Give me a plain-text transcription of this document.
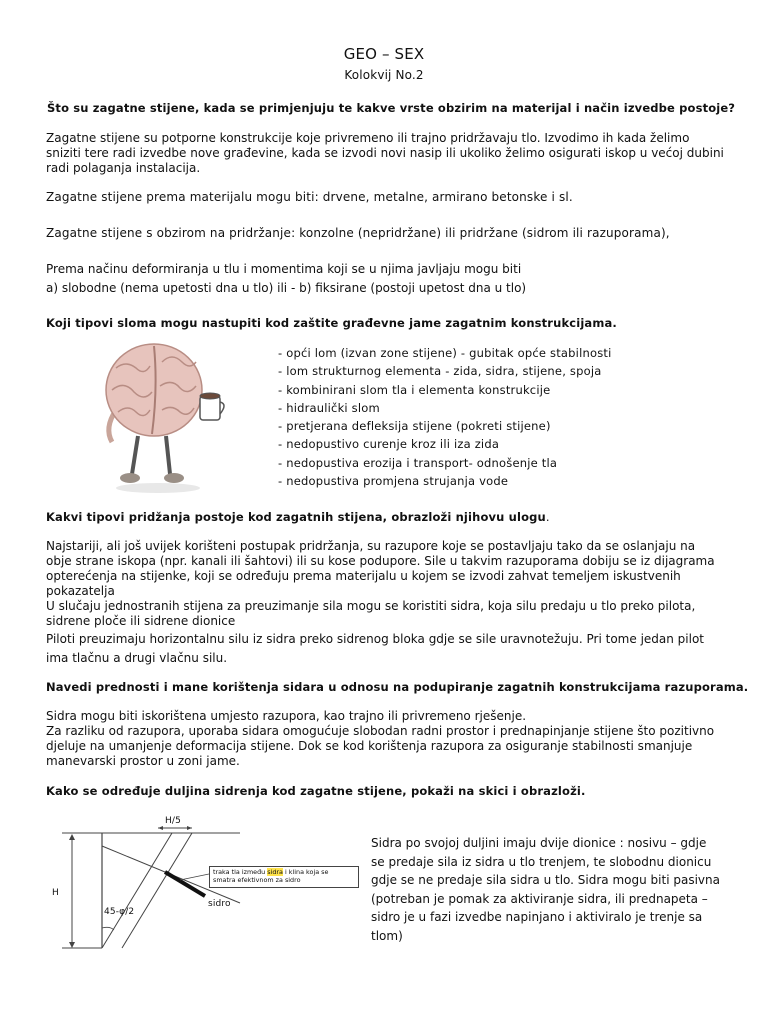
GEO – SEX
Kolokvij No.2
Što su zagatne stijene, kada se primjenjuju te kakve vrste obzirim na materijal i način izvedbe postoje?
Zagatne stijene su potporne konstrukcije koje privremeno ili trajno pridržavaju tlo. Izvodimo ih kada želimo
sniziti tere radi izvedbe nove građevine, kada se izvodi novi nasip ili ukoliko želimo osigurati iskop u većoj dubini
radi polaganja instalacija.
Zagatne stijene prema materijalu mogu biti: drvene, metalne, armirano betonske i sl.
Zagatne stijene s obzirom na pridržanje: konzolne (nepridržane) ili pridržane (sidrom ili razuporama),
Prema načinu deformiranja u tlu i momentima koji se u njima javljaju mogu biti
a) slobodne (nema upetosti dna u tlo) ili - b) fiksirane (postoji upetost dna u tlo)
Koji tipovi sloma mogu nastupiti kod zaštite građevne jame zagatnim konstrukcijama.
- opći lom (izvan zone stijene) - gubitak opće stabilnosti
- lom strukturnog elementa - zida, sidra, stijene, spoja
- kombinirani slom tla i elementa konstrukcije
- hidraulički slom
- pretjerana defleksija stijene (pokreti stijene)
- nedopustivo curenje kroz ili iza zida
- nedopustiva erozija i transport- odnošenje tla
- nedopustiva promjena strujanja vode
Kakvi tipovi pridžanja postoje kod zagatnih stijena, obrazloži njihovu ulogu.
Najstariji, ali još uvijek korišteni postupak pridržanja, su razupore koje se postavljaju tako da se oslanjaju na
obje strane iskopa (npr. kanali ili šahtovi) ili su kose podupore. Sile u takvim razuporama dobiju se iz dijagrama
opterećenja na stijenke, koji se određuju prema materijalu u kojem se izvodi zahvat temeljem iskustvenih
pokazatelja
U slučaju jednostranih stijena za preuzimanje sila mogu se koristiti sidra, koja silu predaju u tlo preko pilota,
sidrene ploče ili sidrene dionice
Piloti preuzimaju horizontalnu silu iz sidra preko sidrenog bloka gdje se sile uravnotežuju. Pri tome jedan pilot
ima tlačnu a drugi vlačnu silu.
Navedi prednosti i mane korištenja sidara u odnosu na podupiranje zagatnih konstrukcijama razuporama.
Sidra mogu biti iskorištena umjesto razupora, kao trajno ili privremeno rješenje.
Za razliku od razupora, uporaba sidara omogućuje slobodan radni prostor i prednapinjanje stijene što pozitivno
djeluje na umanjenje deformacija stijene. Dok se kod korištenja razupora za osiguranje stabilnosti smanjuje
manevarski prostor u zoni jame.
Kako se određuje duljina sidrenja kod zagatne stijene, pokaži na skici i obrazloži.
H/5
H
45-φ/2
sidro
traka tla između sidra i klina koja se
smatra efektivnom za sidro
Sidra po svojoj duljini imaju dvije dionice : nosivu – gdje
se predaje sila iz sidra u tlo trenjem, te slobodnu dionicu
gdje se ne predaje sila sidra u tlo. Sidra mogu biti pasivna
(potreban je pomak za aktiviranje sidra, ili prednapeta –
sidro je u fazi izvedbe napinjano i aktiviralo je trenje sa
tlom)
